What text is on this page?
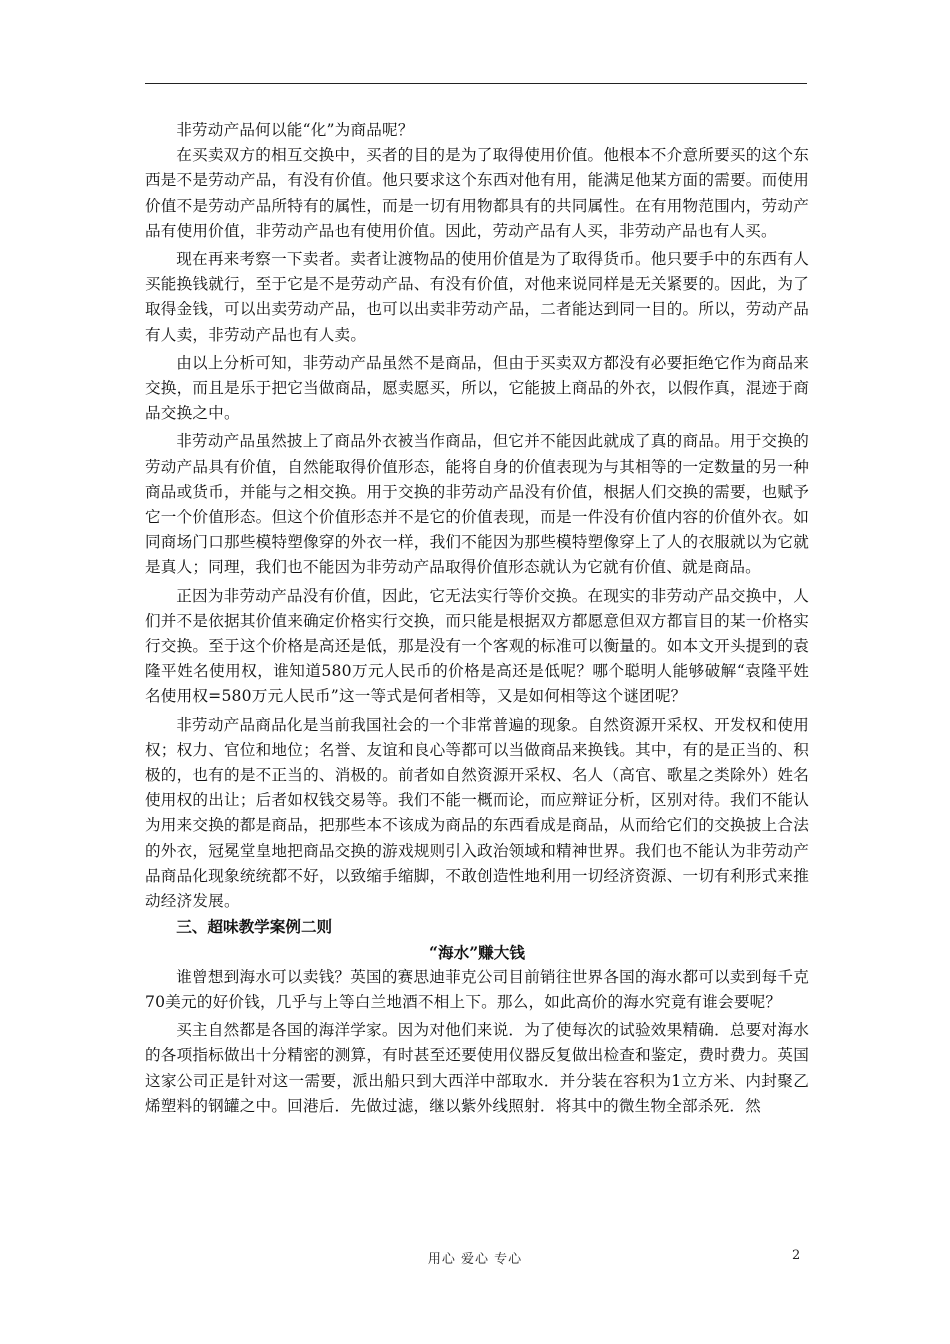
非劳动产品何以能“化”为商品呢？

在买卖双方的相互交换中，买者的目的是为了取得使用价值。他根本不介意所要买的这个东西是不是劳动产品，有没有价值。他只要求这个东西对他有用，能满足他某方面的需要。而使用价值不是劳动产品所特有的属性，而是一切有用物都具有的共同属性。在有用物范围内，劳动产品有使用价值，非劳动产品也有使用价值。因此，劳动产品有人买，非劳动产品也有人买。

现在再来考察一下卖者。卖者让渡物品的使用价值是为了取得货币。他只要手中的东西有人买能换钱就行，至于它是不是劳动产品、有没有价值，对他来说同样是无关紧要的。因此，为了取得金钱，可以出卖劳动产品，也可以出卖非劳动产品，二者能达到同一目的。所以，劳动产品有人卖，非劳动产品也有人卖。

由以上分析可知，非劳动产品虽然不是商品，但由于买卖双方都没有必要拒绝它作为商品来交换，而且是乐于把它当做商品，愿卖愿买，所以，它能披上商品的外衣，以假作真，混迹于商品交换之中。

非劳动产品虽然披上了商品外衣被当作商品，但它并不能因此就成了真的商品。用于交换的劳动产品具有价值，自然能取得价值形态，能将自身的价值表现为与其相等的一定数量的另一种商品或货币，并能与之相交换。用于交换的非劳动产品没有价值，根据人们交换的需要，也赋予它一个价值形态。但这个价值形态并不是它的价值表现，而是一件没有价值内容的价值外衣。如同商场门口那些模特塑像穿的外衣一样，我们不能因为那些模特塑像穿上了人的衣服就以为它就是真人；同理，我们也不能因为非劳动产品取得价值形态就认为它就有价值、就是商品。

正因为非劳动产品没有价值，因此，它无法实行等价交换。在现实的非劳动产品交换中，人们并不是依据其价值来确定价格实行交换，而只能是根据双方都愿意但双方都盲目的某一价格实行交换。至于这个价格是高还是低，那是没有一个客观的标准可以衡量的。如本文开头提到的袁隆平姓名使用权，谁知道580万元人民币的价格是高还是低呢？哪个聪明人能够破解“袁隆平姓名使用权=580万元人民币”这一等式是何者相等，又是如何相等这个谜团呢？

非劳动产品商品化是当前我国社会的一个非常普遍的现象。自然资源开采权、开发权和使用权；权力、官位和地位；名誉、友谊和良心等都可以当做商品来换钱。其中，有的是正当的、积极的，也有的是不正当的、消极的。前者如自然资源开采权、名人（高官、歌星之类除外）姓名使用权的出让；后者如权钱交易等。我们不能一概而论，而应辩证分析，区别对待。我们不能认为用来交换的都是商品，把那些本不该成为商品的东西看成是商品，从而给它们的交换披上合法的外衣，冠冕堂皇地把商品交换的游戏规则引入政治领域和精神世界。我们也不能认为非劳动产品商品化现象统统都不好，以致缩手缩脚，不敢创造性地利用一切经济资源、一切有利形式来推动经济发展。

三、超味教学案例二则

“海水”赚大钱

谁曾想到海水可以卖钱？英国的赛思迪菲克公司目前销往世界各国的海水都可以卖到每千克70美元的好价钱，几乎与上等白兰地酒不相上下。那么，如此高价的海水究竟有谁会要呢？

买主自然都是各国的海洋学家。因为对他们来说．为了使每次的试验效果精确．总要对海水的各项指标做出十分精密的测算，有时甚至还要使用仪器反复做出检查和鉴定，费时费力。英国这家公司正是针对这一需要，派出船只到大西洋中部取水．并分装在容积为1立方米、内封聚乙烯塑料的钢罐之中。回港后．先做过滤，继以紫外线照射．将其中的微生物全部杀死．然

用心 爱心 专心	2
